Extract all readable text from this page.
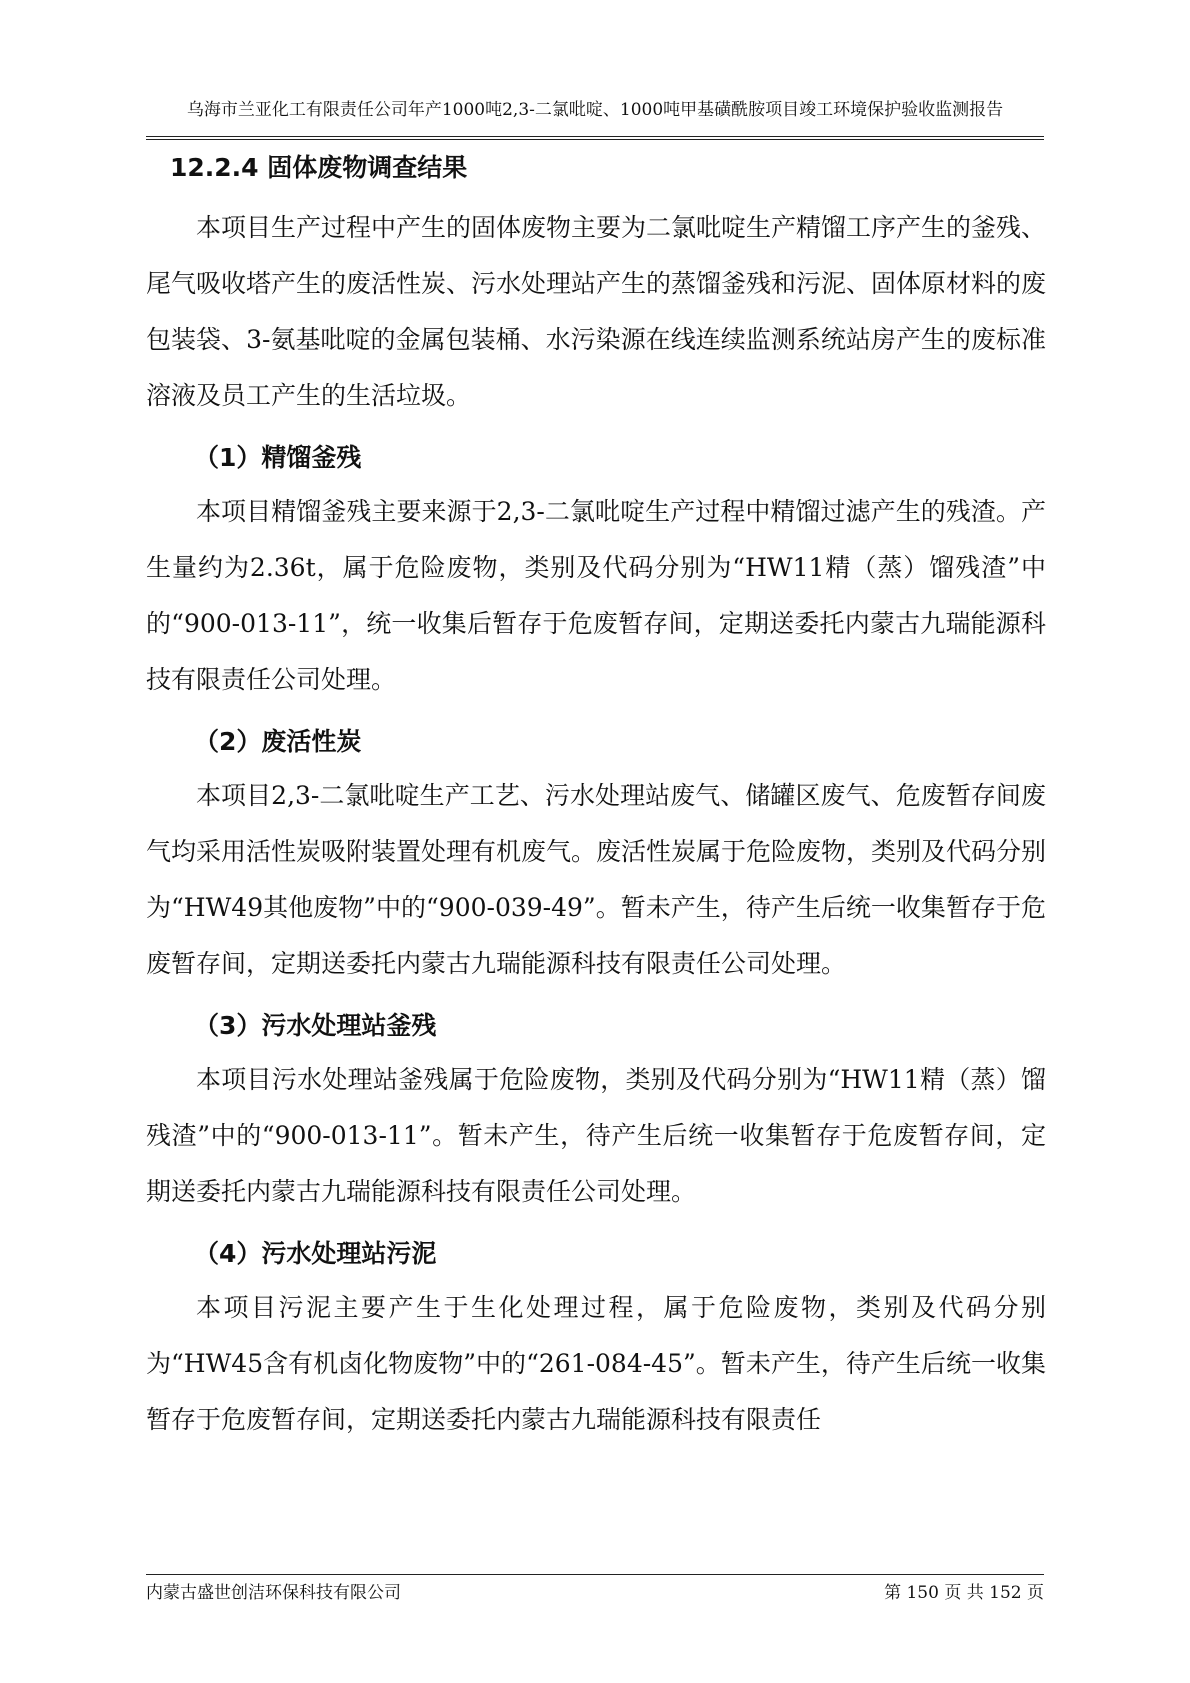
乌海市兰亚化工有限责任公司年产1000吨2,3-二氯吡啶、1000吨甲基磺酰胺项目竣工环境保护验收监测报告
12.2.4 固体废物调查结果

本项目生产过程中产生的固体废物主要为二氯吡啶生产精馏工序产生的釜残、尾气吸收塔产生的废活性炭、污水处理站产生的蒸馏釜残和污泥、固体原材料的废包装袋、3-氨基吡啶的金属包装桶、水污染源在线连续监测系统站房产生的废标准溶液及员工产生的生活垃圾。

（1）精馏釜残

本项目精馏釜残主要来源于2,3-二氯吡啶生产过程中精馏过滤产生的残渣。产生量约为2.36t，属于危险废物，类别及代码分别为“HW11精（蒸）馏残渣”中的“900-013-11”，统一收集后暂存于危废暂存间，定期送委托内蒙古九瑞能源科技有限责任公司处理。

（2）废活性炭

本项目2,3-二氯吡啶生产工艺、污水处理站废气、储罐区废气、危废暂存间废气均采用活性炭吸附装置处理有机废气。废活性炭属于危险废物，类别及代码分别为“HW49其他废物”中的“900-039-49”。暂未产生，待产生后统一收集暂存于危废暂存间，定期送委托内蒙古九瑞能源科技有限责任公司处理。

（3）污水处理站釜残

本项目污水处理站釜残属于危险废物，类别及代码分别为“HW11精（蒸）馏残渣”中的“900-013-11”。暂未产生，待产生后统一收集暂存于危废暂存间，定期送委托内蒙古九瑞能源科技有限责任公司处理。

（4）污水处理站污泥

本项目污泥主要产生于生化处理过程，属于危险废物，类别及代码分别为“HW45含有机卤化物废物”中的“261-084-45”。暂未产生，待产生后统一收集暂存于危废暂存间，定期送委托内蒙古九瑞能源科技有限责任

内蒙古盛世创洁环保科技有限公司	第 150 页 共 152 页
